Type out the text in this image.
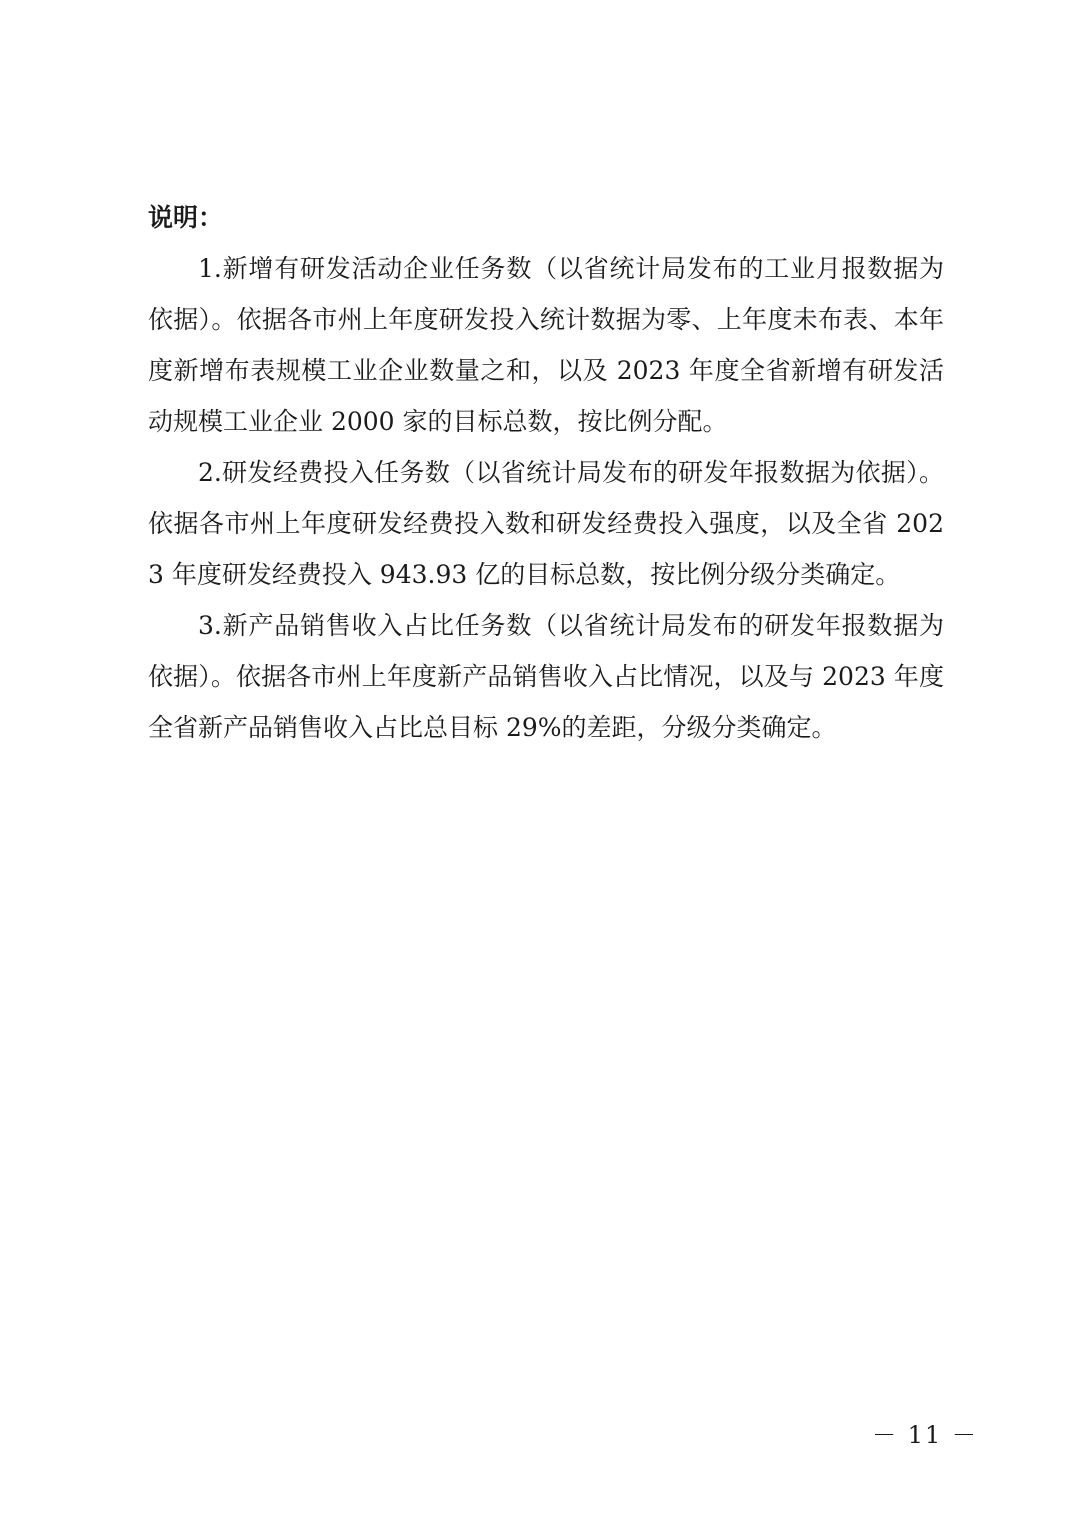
说明：

1.新增有研发活动企业任务数（以省统计局发布的工业月报数据为依据）。依据各市州上年度研发投入统计数据为零、上年度未布表、本年度新增布表规模工业企业数量之和，以及 2023 年度全省新增有研发活动规模工业企业 2000 家的目标总数，按比例分配。

2.研发经费投入任务数（以省统计局发布的研发年报数据为依据）。依据各市州上年度研发经费投入数和研发经费投入强度，以及全省 2023 年度研发经费投入 943.93 亿的目标总数，按比例分级分类确定。

3.新产品销售收入占比任务数（以省统计局发布的研发年报数据为依据）。依据各市州上年度新产品销售收入占比情况，以及与 2023 年度全省新产品销售收入占比总目标 29%的差距，分级分类确定。

－ 11 －
